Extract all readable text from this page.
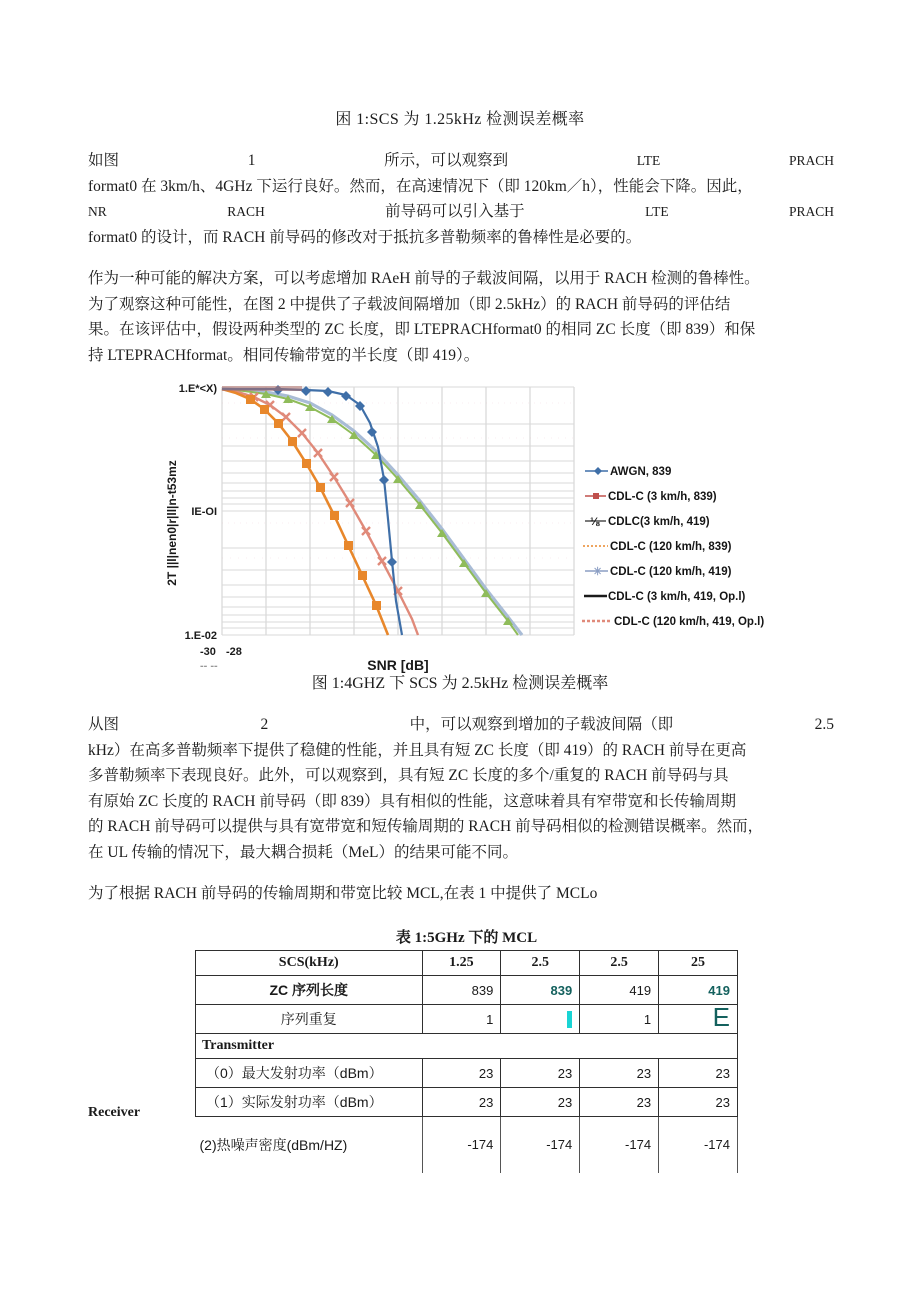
困 1:SCS 为 1.25kHz 检测误差概率
如图	1	所示，可以观察到	LTE	PRACH
format0 在 3km/h、4GHz 下运行良好。然而，在高速情况下（即 120km／h），性能会下降。因此，
NR	RACH	前导码可以引入基于	LTE	PRACH
format0 的设计，而 RACH 前导码的修改对于抵抗多普勒频率的鲁棒性是必要的。
作为一种可能的解决方案，可以考虑增加 RAeH 前导的子载波间隔，以用于 RACH 检测的鲁棒性。
为了观察这种可能性，在图 2 中提供了子载波间隔增加（即 2.5kHz）的 RACH 前导码的评估结
果。在该评估中，假设两种类型的 ZC 长度，即 LTEPRACHformat0 的相同 ZC 长度（即 839）和保
持 LTEPRACHformat。相同传输带宽的半长度（即 419）。
1.E*<X)
IE-OI
1.E-02
2T ||l|nen0|r|ll|n-t53mz
-30 -28
-- --
AWGN, 839
CDL-C (3 km/h, 839)
⅛ CDLC(3 km/h, 419)
CDL-C (120 km/h, 839)
✳ CDL-C (120 km/h, 419)
CDL-C (3 km/h, 419, Op.l)
CDL-C (120 km/h, 419, Op.l)
SNR [dB]
图 1:4GHZ 下 SCS 为 2.5kHz 检测误差概率
从图	2	中，可以观察到增加的子载波间隔（即	2.5
kHz）在高多普勒频率下提供了稳健的性能，并且具有短 ZC 长度（即 419）的 RACH 前导在更高
多普勒频率下表现良好。此外，可以观察到，具有短 ZC 长度的多个/重复的 RACH 前导码与具
有原始 ZC 长度的 RACH 前导码（即 839）具有相似的性能，这意味着具有窄带宽和长传输周期
的 RACH 前导码可以提供与具有宽带宽和短传输周期的 RACH 前导码相似的检测错误概率。然而，
在 UL 传输的情况下，最大耦合损耗（MeL）的结果可能不同。
为了根据 RACH 前导码的传输周期和带宽比较 MCL,在表 1 中提供了 MCLo
表 1:5GHz 下的 MCL
Receiver
SCS(kHz)	1.25	2.5	2.5	25
ZC 序列长度	839	839	419	419
序列重复	1		1	E
Transmitter				
（0）最大发射功率（dBm）	23	23	23	23
（1）实际发射功率（dBm）	23	23	23	23
(2)热噪声密度(dBm/HZ)	-174	-174	-174	-174
